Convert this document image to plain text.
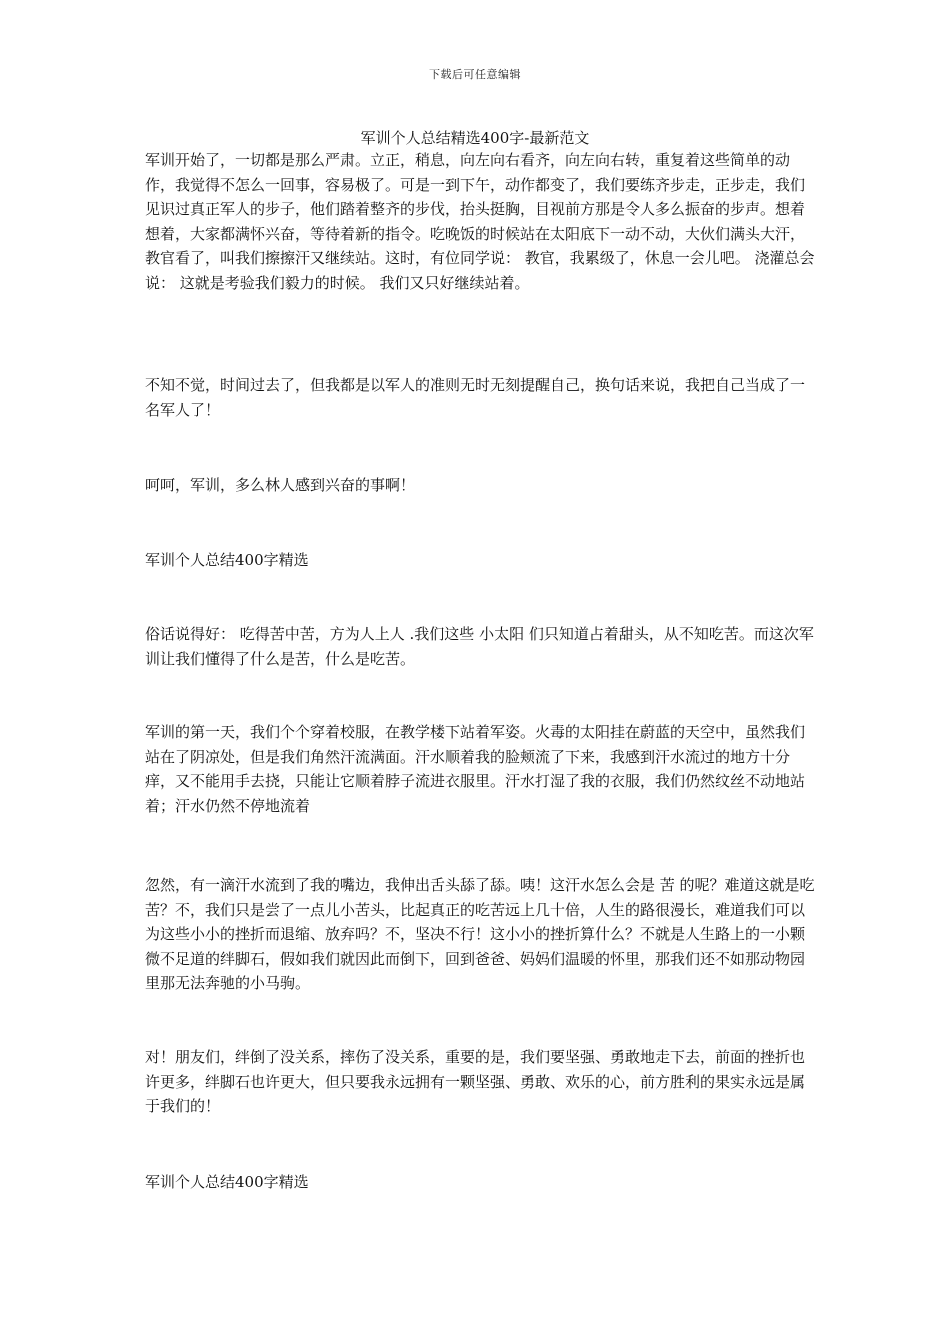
下载后可任意编辑
军训个人总结精选400字-最新范文

军训开始了，一切都是那么严肃。立正，稍息，向左向右看齐，向左向右转，重复着这些简单的动作，我觉得不怎么一回事，容易极了。可是一到下午，动作都变了，我们要练齐步走，正步走，我们见识过真正军人的步子，他们踏着整齐的步伐，抬头挺胸，目视前方那是令人多么振奋的步声。想着想着，大家都满怀兴奋，等待着新的指令。吃晚饭的时候站在太阳底下一动不动，大伙们满头大汗，教官看了，叫我们擦擦汗又继续站。这时，有位同学说： 教官，我累级了，休息一会儿吧。 浇灌总会说： 这就是考验我们毅力的时候。 我们又只好继续站着。

不知不觉，时间过去了，但我都是以军人的准则无时无刻提醒自己，换句话来说，我把自己当成了一名军人了！

呵呵，军训，多么林人感到兴奋的事啊！

军训个人总结400字精选

俗话说得好： 吃得苦中苦，方为人上人 .我们这些 小太阳 们只知道占着甜头，从不知吃苦。而这次军训让我们懂得了什么是苦，什么是吃苦。

军训的第一天，我们个个穿着校服，在教学楼下站着军姿。火毒的太阳挂在蔚蓝的天空中，虽然我们站在了阴凉处，但是我们角然汗流满面。汗水顺着我的脸颊流了下来，我感到汗水流过的地方十分痒，又不能用手去挠，只能让它顺着脖子流进衣服里。汗水打湿了我的衣服，我们仍然纹丝不动地站着；汗水仍然不停地流着

忽然，有一滴汗水流到了我的嘴边，我伸出舌头舔了舔。咦！这汗水怎么会是 苦 的呢？难道这就是吃苦？不，我们只是尝了一点儿小苦头，比起真正的吃苦远上几十倍，人生的路很漫长，难道我们可以为这些小小的挫折而退缩、放弃吗？不，坚决不行！这小小的挫折算什么？不就是人生路上的一小颗微不足道的绊脚石，假如我们就因此而倒下，回到爸爸、妈妈们温暖的怀里，那我们还不如那动物园里那无法奔驰的小马驹。

对！朋友们，绊倒了没关系，摔伤了没关系，重要的是，我们要坚强、勇敢地走下去，前面的挫折也许更多，绊脚石也许更大，但只要我永远拥有一颗坚强、勇敢、欢乐的心，前方胜利的果实永远是属于我们的！

军训个人总结400字精选
